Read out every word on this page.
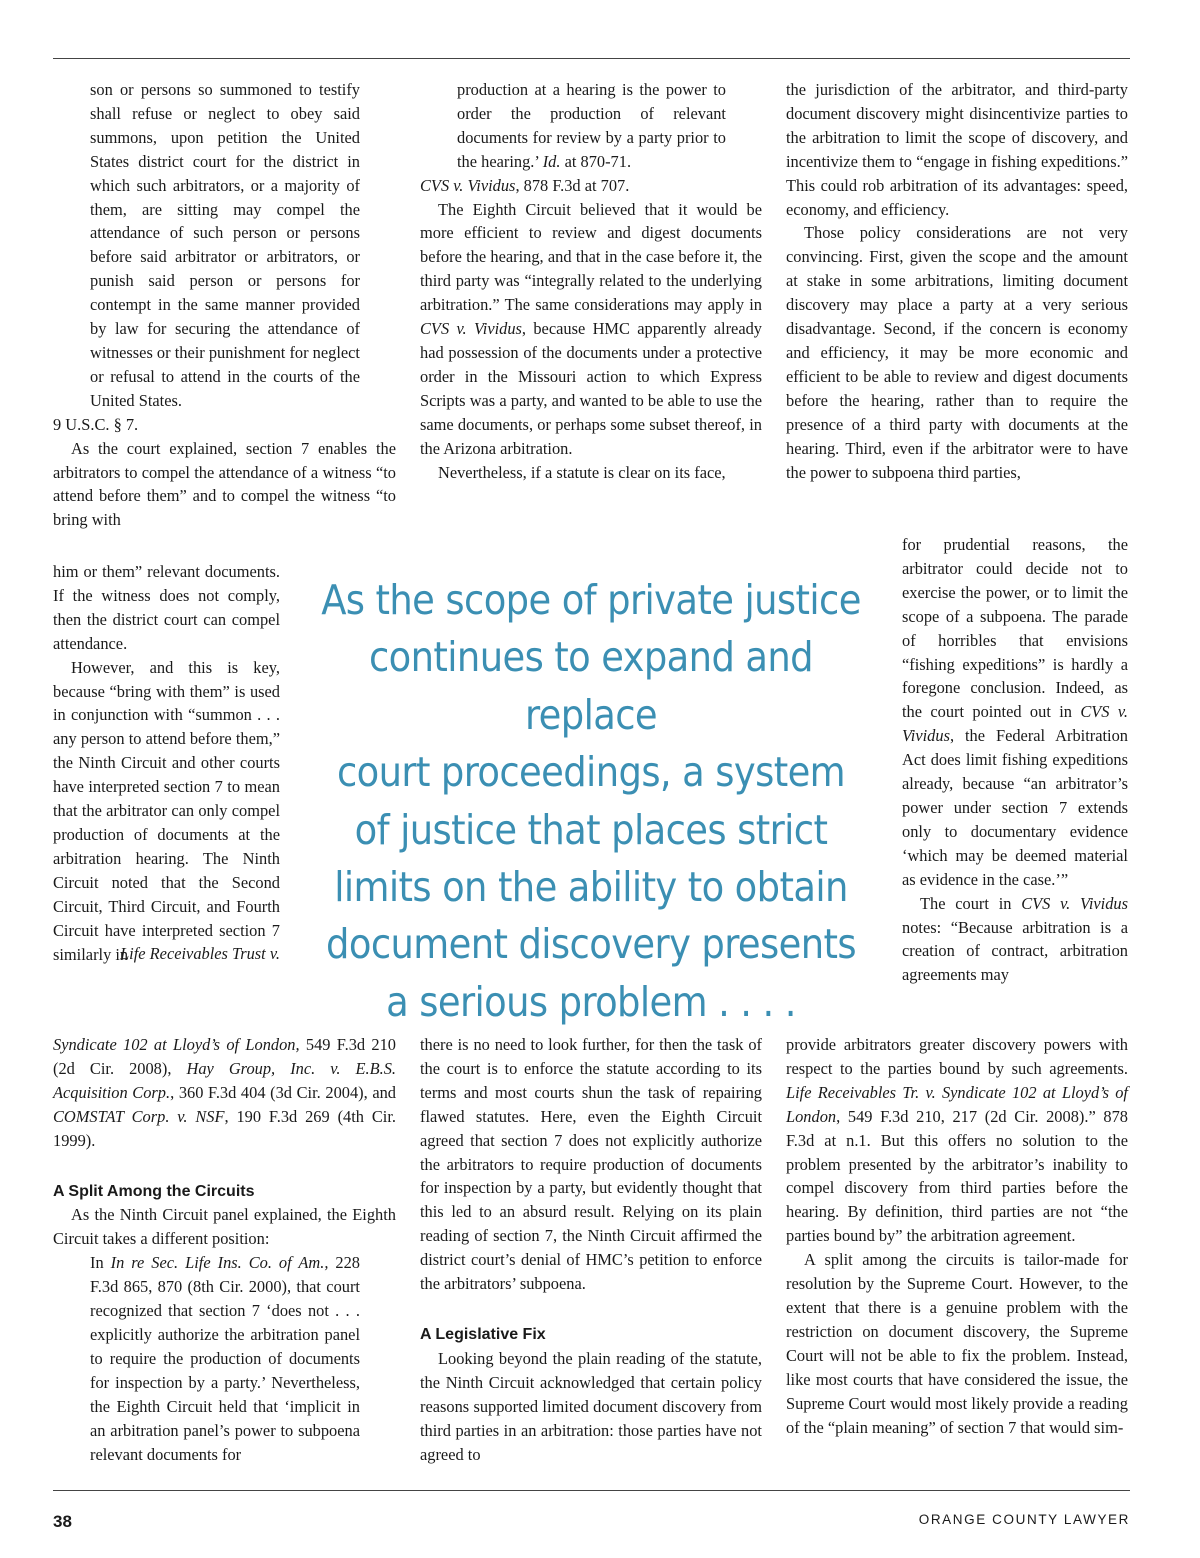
son or persons so summoned to testify shall refuse or neglect to obey said summons, upon petition the United States district court for the district in which such arbitrators, or a majority of them, are sitting may compel the attendance of such person or persons before said arbitrator or arbitrators, or punish said person or persons for contempt in the same manner provided by law for securing the attendance of witnesses or their punishment for neglect or refusal to attend in the courts of the United States.

9 U.S.C. § 7.

As the court explained, section 7 enables the arbitrators to compel the attendance of a witness “to attend before them” and to compel the witness “to bring with

him or them” relevant documents. If the witness does not comply, then the district court can compel attendance.

However, and this is key, because “bring with them” is used in conjunction with “summon . . . any person to attend before them,” the Ninth Circuit and other courts have interpreted section 7 to mean that the arbitrator can only compel production of documents at the arbitration hearing. The Ninth Circuit noted that the Second Circuit, Third Circuit, and Fourth Circuit have interpreted section 7 similarly in

Life Receivables Trust v.

Syndicate 102 at Lloyd’s of London, 549 F.3d 210 (2d Cir. 2008), Hay Group, Inc. v. E.B.S. Acquisition Corp., 360 F.3d 404 (3d Cir. 2004), and COMSTAT Corp. v. NSF, 190 F.3d 269 (4th Cir. 1999).

A Split Among the Circuits

As the Ninth Circuit panel explained, the Eighth Circuit takes a different position:

In In re Sec. Life Ins. Co. of Am., 228 F.3d 865, 870 (8th Cir. 2000), that court recognized that section 7 ‘does not . . . explicitly authorize the arbitration panel to require the production of documents for inspection by a party.’ Nevertheless, the Eighth Circuit held that ‘implicit in an arbitration panel’s power to subpoena relevant documents for

production at a hearing is the power to order the production of relevant documents for review by a party prior to the hearing.’ Id. at 870-71.

CVS v. Vividus, 878 F.3d at 707.

The Eighth Circuit believed that it would be more efficient to review and digest documents before the hearing, and that in the case before it, the third party was “integrally related to the underlying arbitration.” The same considerations may apply in CVS v. Vividus, because HMC apparently already had possession of the documents under a protective order in the Missouri action to which Express Scripts was a party, and wanted to be able to use the same documents, or perhaps some subset thereof, in the Arizona arbitration.

Nevertheless, if a statute is clear on its face,

there is no need to look further, for then the task of the court is to enforce the statute according to its terms and most courts shun the task of repairing flawed statutes. Here, even the Eighth Circuit agreed that section 7 does not explicitly authorize the arbitrators to require production of documents for inspection by a party, but evidently thought that this led to an absurd result. Relying on its plain reading of section 7, the Ninth Circuit affirmed the district court’s denial of HMC’s petition to enforce the arbitrators’ subpoena.

A Legislative Fix

Looking beyond the plain reading of the statute, the Ninth Circuit acknowledged that certain policy reasons supported limited document discovery from third parties in an arbitration: those parties have not agreed to

the jurisdiction of the arbitrator, and third-party document discovery might disincentivize parties to the arbitration to limit the scope of discovery, and incentivize them to “engage in fishing expeditions.” This could rob arbitration of its advantages: speed, economy, and efficiency.

Those policy considerations are not very convincing. First, given the scope and the amount at stake in some arbitrations, limiting document discovery may place a party at a very serious disadvantage. Second, if the concern is economy and efficiency, it may be more economic and efficient to be able to review and digest documents before the hearing, rather than to require the presence of a third party with documents at the hearing. Third, even if the arbitrator were to have the power to subpoena third parties,

for prudential reasons, the arbitrator could decide not to exercise the power, or to limit the scope of a subpoena. The parade of horribles that envisions “fishing expeditions” is hardly a foregone conclusion. Indeed, as the court pointed out in CVS v. Vividus, the Federal Arbitration Act does limit fishing expeditions already, because “an arbitrator’s power under section 7 extends only to documentary evidence ‘which may be deemed material as evidence in the case.’”

The court in CVS v. Vividus notes: “Because arbitration is a creation of contract, arbitration agreements may

provide arbitrators greater discovery powers with respect to the parties bound by such agreements. Life Receivables Tr. v. Syndicate 102 at Lloyd’s of London, 549 F.3d 210, 217 (2d Cir. 2008).” 878 F.3d at n.1. But this offers no solution to the problem presented by the arbitrator’s inability to compel discovery from third parties before the hearing. By definition, third parties are not “the parties bound by” the arbitration agreement.

A split among the circuits is tailor-made for resolution by the Supreme Court. However, to the extent that there is a genuine problem with the restriction on document discovery, the Supreme Court will not be able to fix the problem. Instead, like most courts that have considered the issue, the Supreme Court would most likely provide a reading of the “plain meaning” of section 7 that would sim-

As the scope of private justice
continues to expand and replace
court proceedings, a system
of justice that places strict
limits on the ability to obtain
document discovery presents
a serious problem . . . .
38	ORANGE COUNTY LAWYER
